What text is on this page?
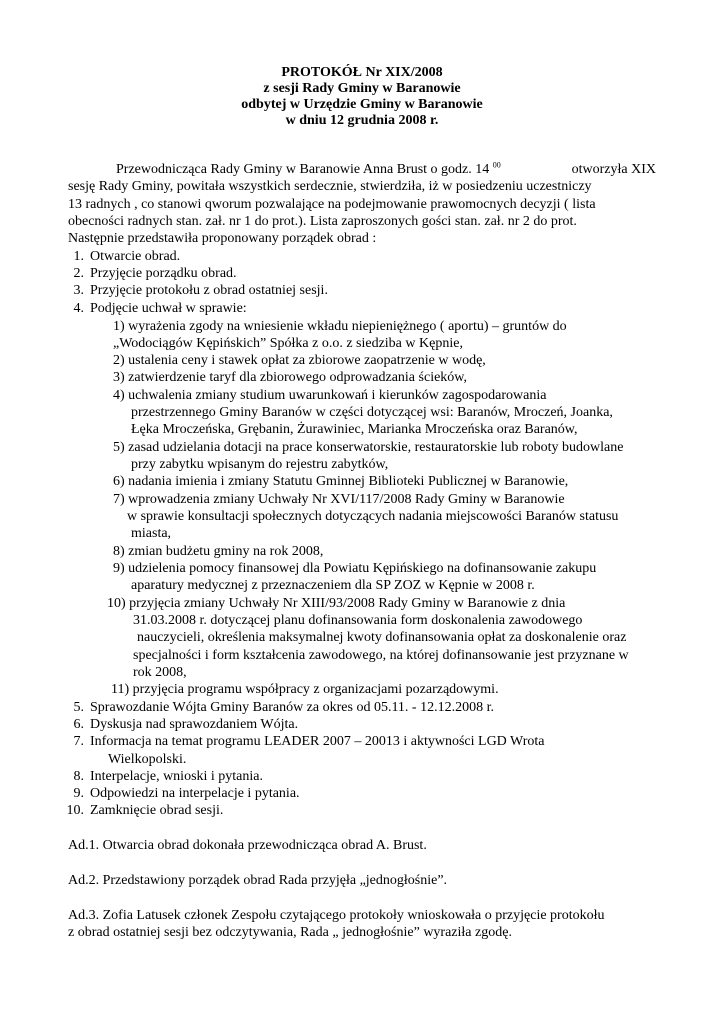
PROTOKÓŁ Nr XIX/2008
z sesji Rady Gminy w Baranowie
odbytej w Urzędzie Gminy w Baranowie
w dniu 12 grudnia 2008 r.
Przewodnicząca Rady Gminy w Baranowie Anna Brust o godz. 14 $^{00}$	otworzyła XIX
sesję Rady Gminy, powitała wszystkich serdecznie, stwierdziła, iż w posiedzeniu uczestniczy
13 radnych , co stanowi qworum pozwalające na podejmowanie prawomocnych decyzji ( lista
obecności radnych stan. zał. nr 1 do prot.). Lista zaproszonych gości stan. zał. nr 2 do prot.
Następnie przedstawiła proponowany porządek obrad :
1. Otwarcie obrad.
2. Przyjęcie porządku obrad.
3. Przyjęcie protokołu z obrad ostatniej sesji.
4. Podjęcie uchwał w sprawie:
1) wyrażenia zgody na wniesienie wkładu niepieniężnego ( aportu) – gruntów do
„Wodociągów Kępińskich” Spółka z o.o. z siedziba w Kępnie,
2) ustalenia ceny i stawek opłat za zbiorowe zaopatrzenie w wodę,
3) zatwierdzenie taryf dla zbiorowego odprowadzania ścieków,
4) uchwalenia zmiany studium uwarunkowań i kierunków zagospodarowania
przestrzennego Gminy Baranów w części dotyczącej wsi: Baranów, Mroczeń, Joanka,
Łęka Mroczeńska, Grębanin, Żurawiniec, Marianka Mroczeńska oraz Baranów,
5) zasad udzielania dotacji na prace konserwatorskie, restauratorskie lub roboty budowlane
przy zabytku wpisanym do rejestru zabytków,
6) nadania imienia i zmiany Statutu Gminnej Biblioteki Publicznej w Baranowie,
7) wprowadzenia zmiany Uchwały Nr XVI/117/2008 Rady Gminy w Baranowie
w sprawie konsultacji społecznych dotyczących nadania miejscowości Baranów statusu
miasta,
8) zmian budżetu gminy na rok 2008,
9) udzielenia pomocy finansowej dla Powiatu Kępińskiego na dofinansowanie zakupu
aparatury medycznej z przeznaczeniem dla SP ZOZ w Kępnie w 2008 r.
10) przyjęcia zmiany Uchwały Nr XIII/93/2008 Rady Gminy w Baranowie z dnia
31.03.2008 r. dotyczącej planu dofinansowania form doskonalenia zawodowego
nauczycieli, określenia maksymalnej kwoty dofinansowania opłat za doskonalenie oraz
specjalności i form kształcenia zawodowego, na której dofinansowanie jest przyznane w
rok 2008,
11) przyjęcia programu współpracy z organizacjami pozarządowymi.
5. Sprawozdanie Wójta Gminy Baranów za okres od 05.11. - 12.12.2008 r.
6. Dyskusja nad sprawozdaniem Wójta.
7. Informacja na temat programu LEADER 2007 – 20013 i aktywności LGD Wrota
Wielkopolski.
8. Interpelacje, wnioski i pytania.
9. Odpowiedzi na interpelacje i pytania.
10. Zamknięcie obrad sesji.
Ad.1. Otwarcia obrad dokonała przewodnicząca obrad A. Brust.
Ad.2. Przedstawiony porządek obrad Rada przyjęła „jednogłośnie”.
Ad.3. Zofia Latusek członek Zespołu czytającego protokoły wnioskowała o przyjęcie protokołu
z obrad ostatniej sesji bez odczytywania, Rada „ jednogłośnie” wyraziła zgodę.
